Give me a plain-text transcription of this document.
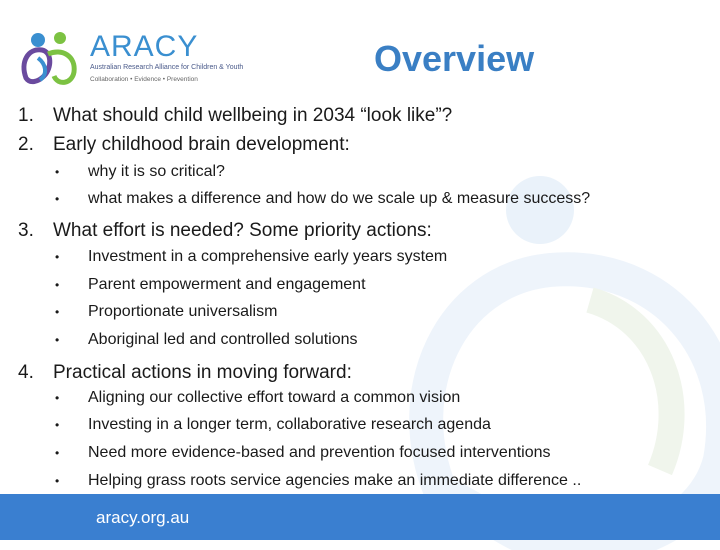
ARACY
Australian Research Alliance for Children & Youth
Collaboration • Evidence • Prevention
Overview
1. What should child wellbeing in 2034 “look like”?
2. Early childhood brain development:
• why it is so critical?
• what makes a difference and how do we scale up & measure success?
3. What effort is needed? Some priority actions:
• Investment in a comprehensive early years system
• Parent empowerment and engagement
• Proportionate universalism
• Aboriginal led and controlled solutions
4. Practical actions in moving forward:
• Aligning our collective effort toward a common vision
• Investing in a longer term, collaborative research agenda
• Need more evidence-based and prevention focused interventions
• Helping grass roots service agencies make an immediate difference ..
aracy.org.au
